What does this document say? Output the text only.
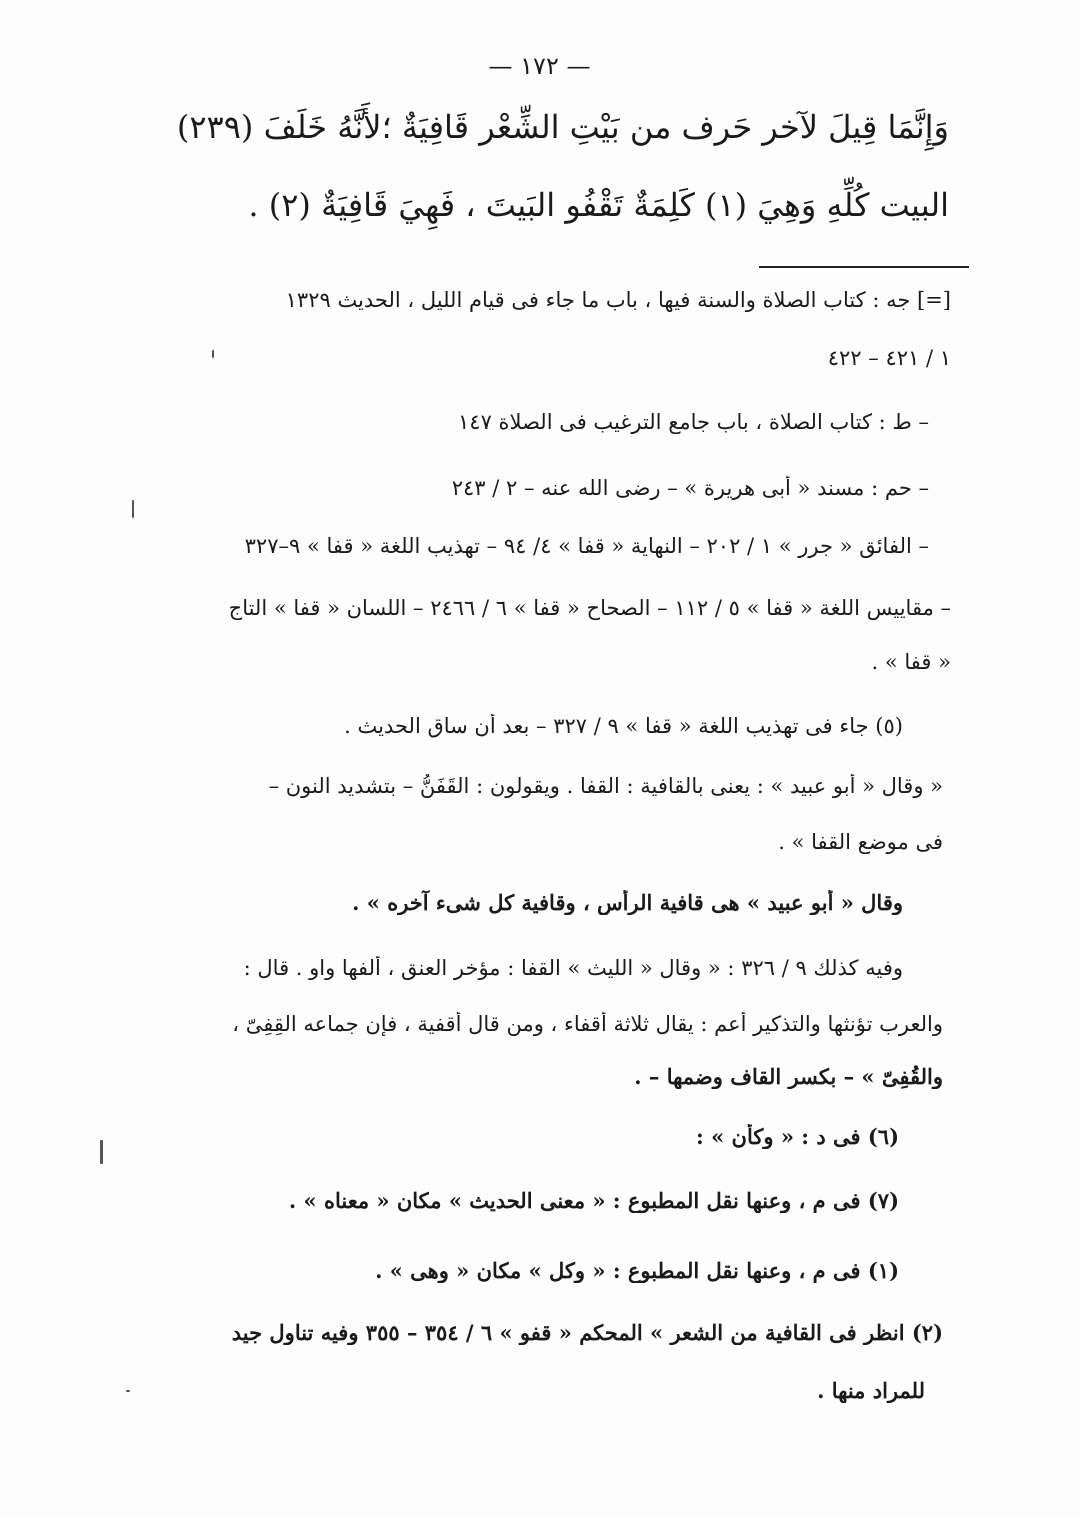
— ١٧٢ —
وَإِنَّمَا قِيلَ لآخر حَرف من بَيْتِ الشِّعْر قَافِيَةٌ ؛لأَنَّهُ خَلَفَ (٢٣٩)
البيت كُلِّهِ وَهِيَ (١) كَلِمَةٌ تَقْفُو البَيتَ ، فَهِيَ قَافِيَةٌ (٢) .
[=] جه : كتاب الصلاة والسنة فيها ، باب ما جاء فى قيام الليل ، الحديث ١٣٢٩
١ / ٤٢١ – ٤٢٢
– ط : كتاب الصلاة ، باب جامع الترغيب فى الصلاة ١٤٧
– حم : مسند « أبى هريرة » – رضى الله عنه – ٢ / ٢٤٣
– الفائق « جرر » ١ / ٢٠٢ – النهاية « قفا » ٤/ ٩٤ – تهذيب اللغة « قفا » ٩–٣٢٧
– مقاييس اللغة « قفا » ٥ / ١١٢ – الصحاح « قفا » ٦ / ٢٤٦٦ – اللسان « قفا » التاج
« قفا » .
(٥) جاء فى تهذيب اللغة « قفا » ٩ / ٣٢٧ – بعد أن ساق الحديث .
« وقال « أبو عبيد » : يعنى بالقافية : القفا . ويقولون : القَفَنُّ – بتشديد النون –
فى موضع القفا » .
وقال « أبو عبيد » هى قافية الرأس ، وقافية كل شىء آخره » .
وفيه كذلك ٩ / ٣٢٦ : « وقال « الليث » القفا : مؤخر العنق ، ألفها واو . قال :
والعرب تؤنثها والتذكير أعم : يقال ثلاثة أقفاء ، ومن قال أقفية ، فإن جماعه القِفِىّ ،
والقُفِىّ » – بكسر القاف وضمها – .
(٦) فى د : « وكأن » :
(٧) فى م ، وعنها نقل المطبوع : « معنى الحديث » مكان « معناه » .
(١) فى م ، وعنها نقل المطبوع : « وكل » مكان « وهى » .
(٢) انظر فى القافية من الشعر » المحكم « قفو » ٦ / ٣٥٤ – ٣٥٥ وفيه تناول جيد
للمراد منها .
